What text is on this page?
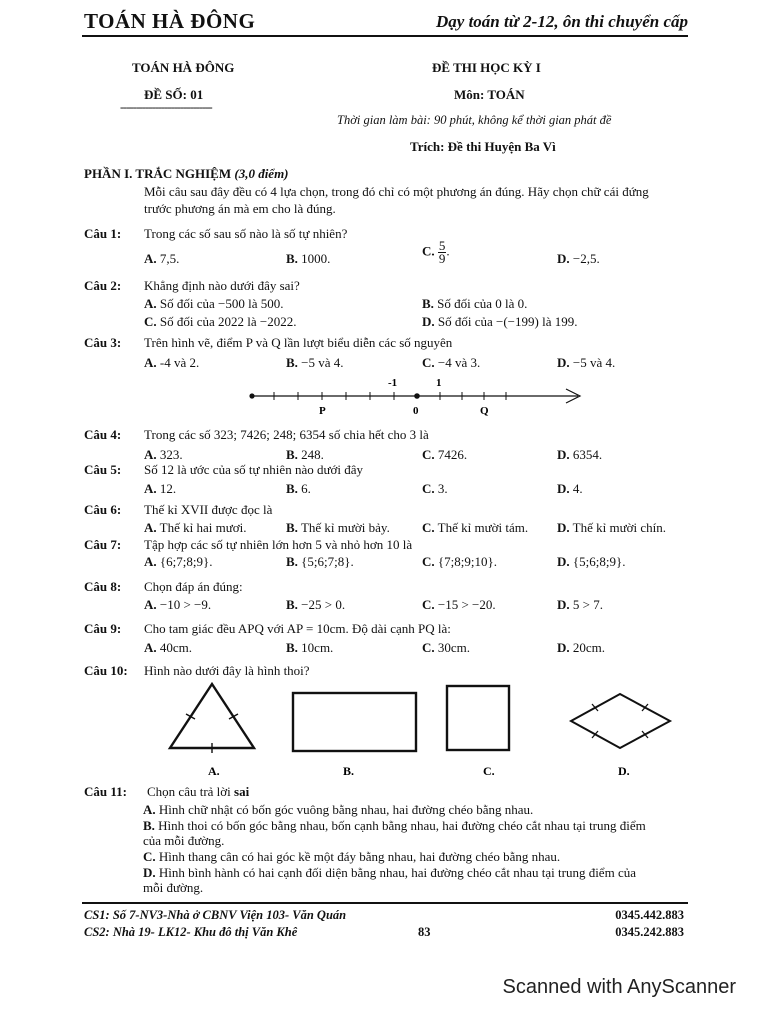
TOÁN HÀ ĐÔNG	Dạy toán từ 2-12, ôn thi chuyển cấp
TOÁN HÀ ĐÔNG
ĐỀ SỐ: 01
-----------------------------
ĐỀ THI HỌC KỲ I
Môn: TOÁN
Thời gian làm bài: 90 phút, không kể thời gian phát đề
Trích: Đề thi Huyện Ba Vì
PHẦN I. TRẮC NGHIỆM (3,0 điểm)
Mỗi câu sau đây đều có 4 lựa chọn, trong đó chỉ có một phương án đúng. Hãy chọn chữ cái đứng
trước phương án mà em cho là đúng.
Câu 1: Trong các số sau số nào là số tự nhiên?
A. 7,5.	B. 1000.
C. $\frac{5}{9}$ .
D. −2,5.
Câu 2: Khẳng định nào dưới đây sai?
A. Số đối của −500 là 500.	B. Số đối của 0 là 0.
C. Số đối của 2022 là −2022.	D. Số đối của −(−199) là 199.
Câu 3: Trên hình vẽ, điểm P và Q lần lượt biểu diễn các số nguyên
A. -4 và 2.	B. −5 và 4.	C. −4 và 3.	D. −5 và 4.
-1	1
P	0	Q
Câu 4: Trong các số 323; 7426; 248; 6354 số chia hết cho 3 là
A. 323.	B. 248.	C. 7426.	D. 6354.
Câu 5: Số 12 là ước của số tự nhiên nào dưới đây
A. 12.	B. 6.	C. 3.	D. 4.
Câu 6: Thế kỉ XVII được đọc là
A. Thế kỉ hai mươi.	B. Thế kỉ mười bảy. C. Thế kỉ mười tám. D. Thế kỉ mười chín.
Câu 7: Tập hợp các số tự nhiên lớn hơn 5 và nhỏ hơn 10 là
A. {6;7;8;9}.	B. {5;6;7;8}.	C. {7;8;9;10}.	D. {5;6;8;9}.
Câu 8: Chọn đáp án đúng:
A. −10 > −9.	B. −25 > 0.	C. −15 > −20.	D. 5 > 7.
Câu 9: Cho tam giác đều APQ với AP = 10cm. Độ dài cạnh PQ là:
A. 40cm.	B. 10cm.	C. 30cm.	D. 20cm.
Câu 10: Hình nào dưới đây là hình thoi?
A.	B.	C.	D.
Câu 11: Chọn câu trả lời sai
A. Hình chữ nhật có bốn góc vuông bằng nhau, hai đường chéo bằng nhau.
B. Hình thoi có bốn góc bằng nhau, bốn cạnh bằng nhau, hai đường chéo cắt nhau tại trung điểm
của mỗi đường.
C. Hình thang cân có hai góc kề một đáy bằng nhau, hai đường chéo bằng nhau.
D. Hình bình hành có hai cạnh đối diện bằng nhau, hai đường chéo cắt nhau tại trung điểm của
mỗi đường.
CS1: Số 7-NV3-Nhà ở CBNV Viện 103- Văn Quán
CS2: Nhà 19- LK12- Khu đô thị Văn Khê	83
0345.442.883
0345.242.883
Scanned with AnyScanner
